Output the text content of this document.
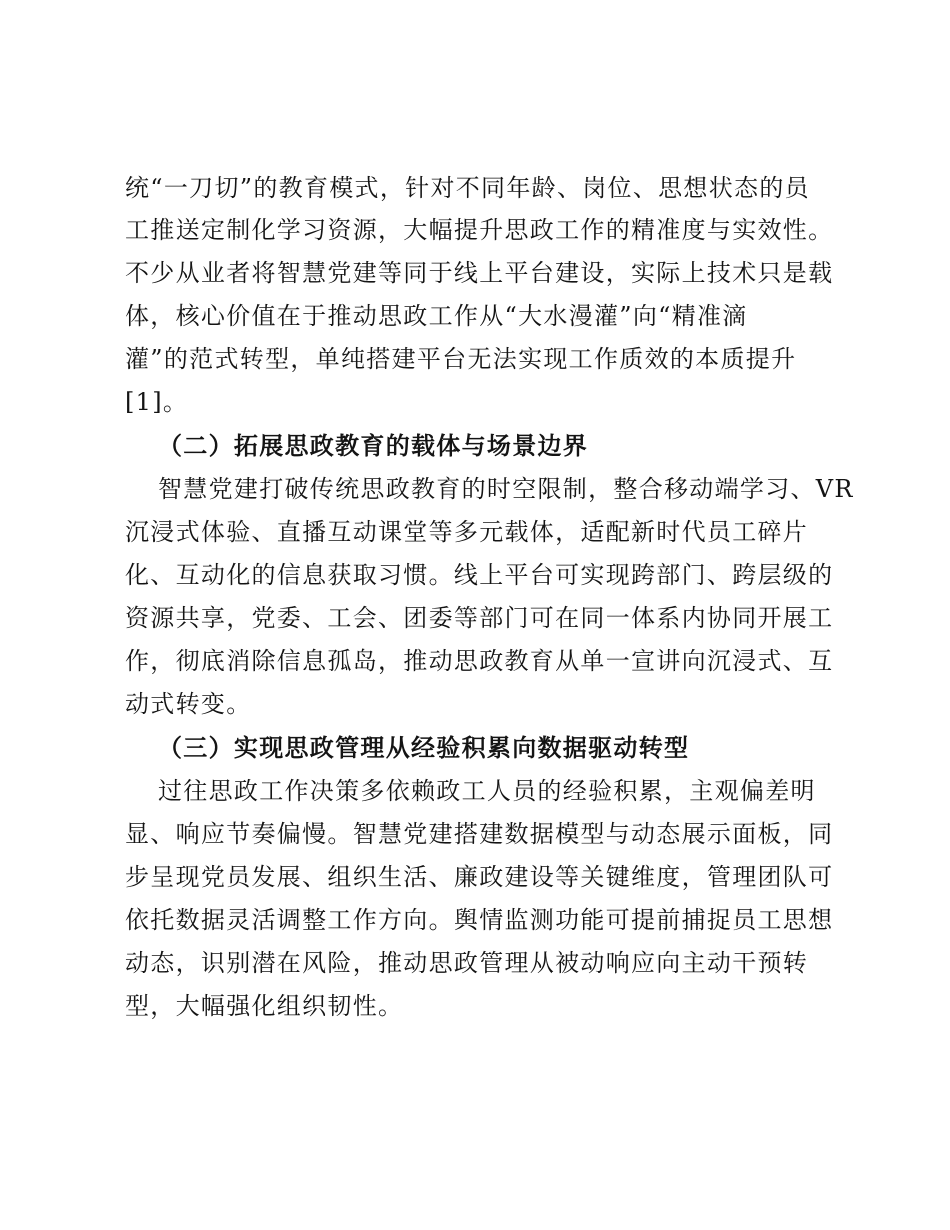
统“一刀切”的教育模式，针对不同年龄、岗位、思想状态的员
工推送定制化学习资源，大幅提升思政工作的精准度与实效性。
不少从业者将智慧党建等同于线上平台建设，实际上技术只是载
体，核心价值在于推动思政工作从“大水漫灌”向“精准滴
灌”的范式转型，单纯搭建平台无法实现工作质效的本质提升
[1]。
（二）拓展思政教育的载体与场景边界
智慧党建打破传统思政教育的时空限制，整合移动端学习、VR
沉浸式体验、直播互动课堂等多元载体，适配新时代员工碎片
化、互动化的信息获取习惯。线上平台可实现跨部门、跨层级的
资源共享，党委、工会、团委等部门可在同一体系内协同开展工
作，彻底消除信息孤岛，推动思政教育从单一宣讲向沉浸式、互
动式转变。
（三）实现思政管理从经验积累向数据驱动转型
过往思政工作决策多依赖政工人员的经验积累，主观偏差明
显、响应节奏偏慢。智慧党建搭建数据模型与动态展示面板，同
步呈现党员发展、组织生活、廉政建设等关键维度，管理团队可
依托数据灵活调整工作方向。舆情监测功能可提前捕捉员工思想
动态，识别潜在风险，推动思政管理从被动响应向主动干预转
型，大幅强化组织韧性。
